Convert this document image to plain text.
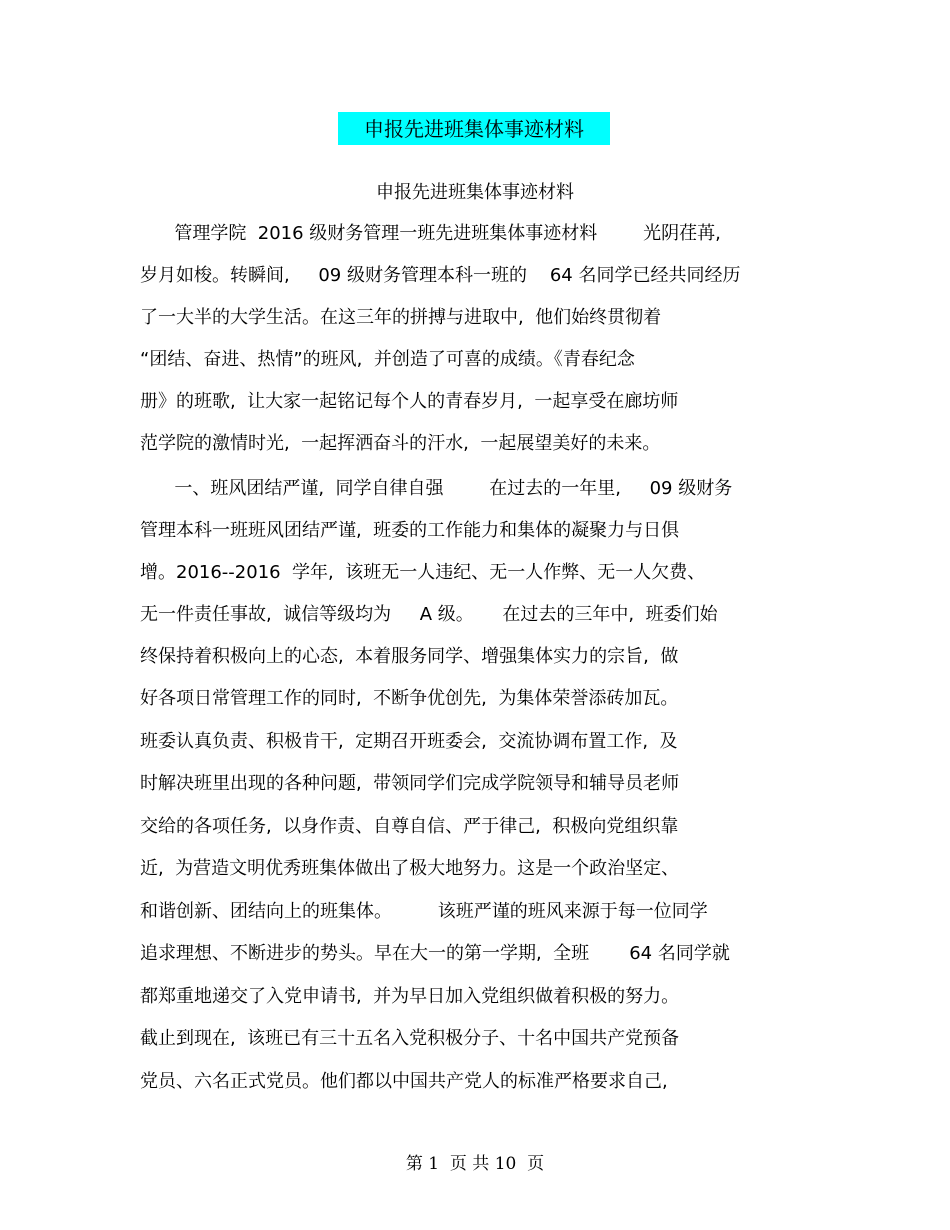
申报先进班集体事迹材料
申报先进班集体事迹材料
管理学院  2016 级财务管理一班先进班集体事迹材料        光阴荏苒,
岁月如梭。转瞬间,     09 级财务管理本科一班的    64 名同学已经共同经历
了一大半的大学生活。在这三年的拼搏与进取中,  他们始终贯彻着
“团结、奋进、热情”的班风,  并创造了可喜的成绩。《青春纪念
册》的班歌,  让大家一起铭记每个人的青春岁月,  一起享受在廊坊师
范学院的激情时光,  一起挥洒奋斗的汗水,  一起展望美好的未来。
一、班风团结严谨,  同学自律自强        在过去的一年里,     09 级财务
管理本科一班班风团结严谨,  班委的工作能力和集体的凝聚力与日俱
增。2016--2016  学年,  该班无一人违纪、无一人作弊、无一人欠费、
无一件责任事故,  诚信等级均为     A 级。     在过去的三年中,  班委们始
终保持着积极向上的心态,  本着服务同学、增强集体实力的宗旨,  做
好各项日常管理工作的同时,  不断争优创先,  为集体荣誉添砖加瓦。
班委认真负责、积极肯干,  定期召开班委会,  交流协调布置工作,  及
时解决班里出现的各种问题,  带领同学们完成学院领导和辅导员老师
交给的各项任务,  以身作责、自尊自信、严于律己,  积极向党组织靠
近,  为营造文明优秀班集体做出了极大地努力。这是一个政治坚定、
和谐创新、团结向上的班集体。        该班严谨的班风来源于每一位同学
追求理想、不断进步的势头。早在大一的第一学期,  全班       64 名同学就
都郑重地递交了入党申请书,  并为早日加入党组织做着积极的努力。
截止到现在,  该班已有三十五名入党积极分子、十名中国共产党预备
党员、六名正式党员。他们都以中国共产党人的标准严格要求自己,
第 1  页 共 10  页
